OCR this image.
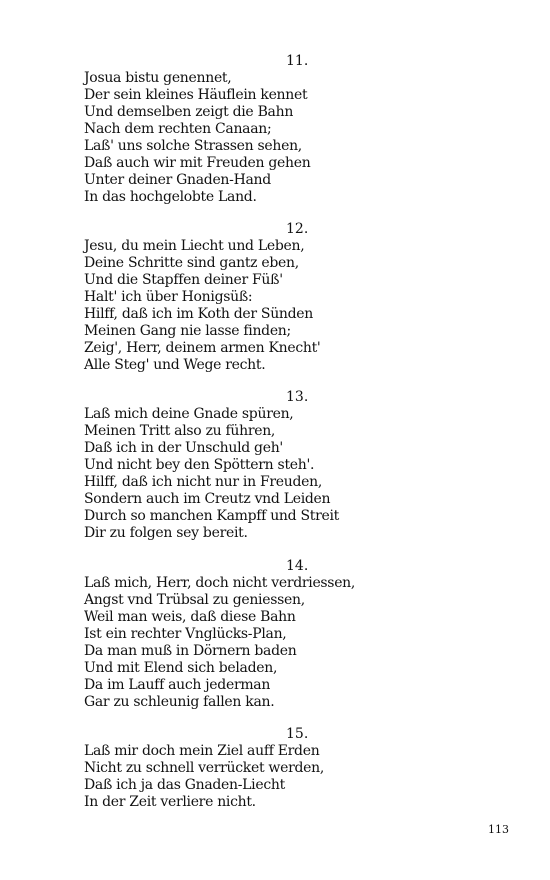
11.
Josua bistu genennet,
Der sein kleines Häuflein kennet
Und demselben zeigt die Bahn
Nach dem rechten Canaan;
Laß' uns solche Strassen sehen,
Daß auch wir mit Freuden gehen
Unter deiner Gnaden-Hand
In das hochgelobte Land.
12.
Jesu, du mein Liecht und Leben,
Deine Schritte sind gantz eben,
Und die Stapffen deiner Füß'
Halt' ich über Honigsüß:
Hilff, daß ich im Koth der Sünden
Meinen Gang nie lasse finden;
Zeig', Herr, deinem armen Knecht'
Alle Steg' und Wege recht.
13.
Laß mich deine Gnade spüren,
Meinen Tritt also zu führen,
Daß ich in der Unschuld geh'
Und nicht bey den Spöttern steh'.
Hilff, daß ich nicht nur in Freuden,
Sondern auch im Creutz vnd Leiden
Durch so manchen Kampff und Streit
Dir zu folgen sey bereit.
14.
Laß mich, Herr, doch nicht verdriessen,
Angst vnd Trübsal zu geniessen,
Weil man weis, daß diese Bahn
Ist ein rechter Vnglücks-Plan,
Da man muß in Dörnern baden
Und mit Elend sich beladen,
Da im Lauff auch jederman
Gar zu schleunig fallen kan.
15.
Laß mir doch mein Ziel auff Erden
Nicht zu schnell verrücket werden,
Daß ich ja das Gnaden-Liecht
In der Zeit verliere nicht.
113
